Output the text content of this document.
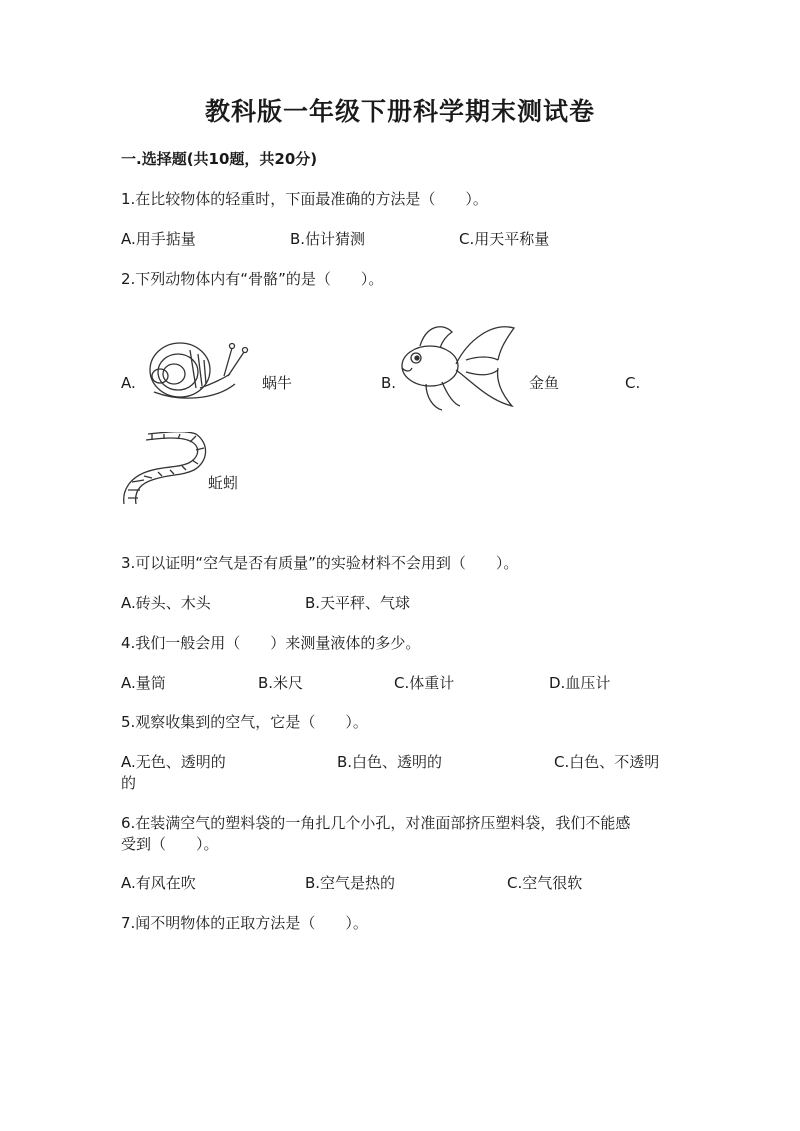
教科版一年级下册科学期末测试卷
一.选择题(共10题，共20分)
1.在比较物体的轻重时，下面最准确的方法是（　　）。
A.用手掂量	B.估计猜测	C.用天平称量
2.下列动物体内有“骨骼”的是（　　）。
A.	蜗牛	B.	金鱼	C.
蚯蚓
3.可以证明“空气是否有质量”的实验材料不会用到（　　）。
A.砖头、木头	B.天平秤、气球
4.我们一般会用（　　）来测量液体的多少。
A.量筒	B.米尺	C.体重计	D.血压计
5.观察收集到的空气，它是（　　）。
A.无色、透明的	B.白色、透明的	C.白色、不透明
的
6.在装满空气的塑料袋的一角扎几个小孔，对准面部挤压塑料袋，我们不能感
受到（　　）。
A.有风在吹	B.空气是热的	C.空气很软
7.闻不明物体的正取方法是（　　）。
